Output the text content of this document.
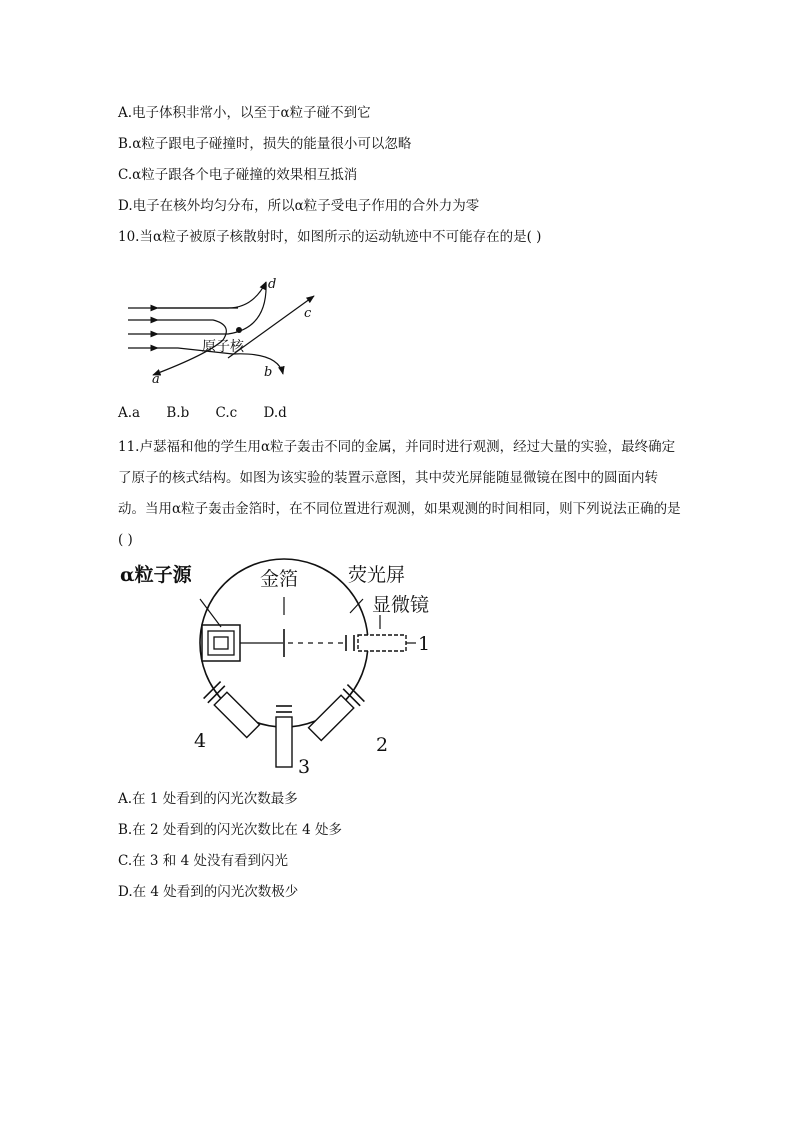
A.电子体积非常小，以至于α粒子碰不到它
B.α粒子跟电子碰撞时，损失的能量很小可以忽略
C.α粒子跟各个电子碰撞的效果相互抵消
D.电子在核外均匀分布，所以α粒子受电子作用的合外力为零
10.当α粒子被原子核散射时，如图所示的运动轨迹中不可能存在的是( )
原子核
a	b
c
d
A.a B.b C.c D.d
11.卢瑟福和他的学生用α粒子轰击不同的金属，并同时进行观测，经过大量的实验，最终确定了原子的核式结构。如图为该实验的装置示意图，其中荧光屏能随显微镜在图中的圆面内转动。当用α粒子轰击金箔时，在不同位置进行观测，如果观测的时间相同，则下列说法正确的是( )
α粒子源	金箔	荧光屏
显微镜
1
2
3
4
A.在 1 处看到的闪光次数最多
B.在 2 处看到的闪光次数比在 4 处多
C.在 3 和 4 处没有看到闪光
D.在 4 处看到的闪光次数极少
